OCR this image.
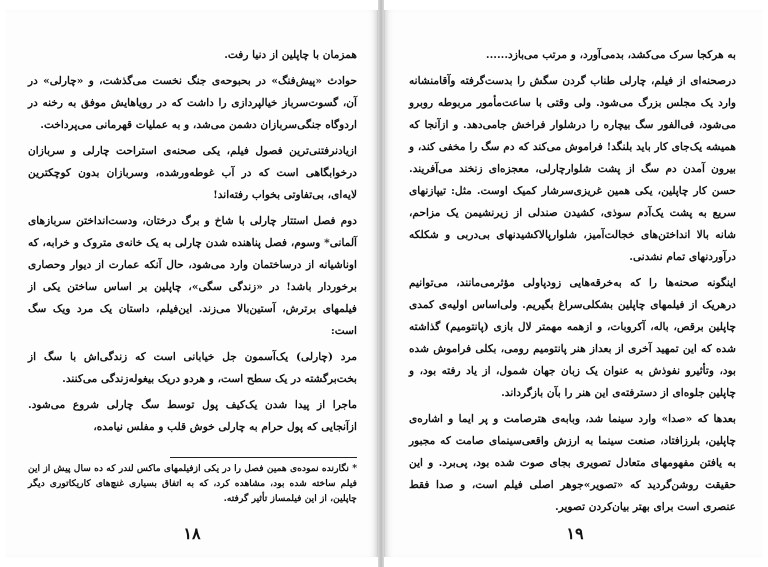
همزمان با چاپلین از دنیا رفت.

حوادث «پیش‌فنگ» در بحبوحه‌ی جنگ نخست می‌گذشت، و «چارلی» در آن، گسوت‌سرباز خیالپردازی را داشت که در رویاهایش موفق به رخنه در اردوگاه جنگی‌سربازان دشمن می‌شد، و به عملیات قهرمانی می‌پرداخت.

ازیادنرفتنی‌ترین فصول فیلم، یکی صحنه‌ی استراحت چارلی و سربازان درخوابگاهی است که در آب غوطه‌ورشده، وسربازان بدون کوچکترین لایه‌ای، بی‌تفاوتی بخواب رفته‌اند!

دوم فصل استتار چارلی با شاخ و برگ درختان، ودست‌انداختن سربازهای آلمانی* وسوم، فصل پناهنده شدن چارلی به یک خانه‌ی متروک و خرابه، که اوناشیانه از درساختمان وارد می‌شود، حال آنکه عمارت از دیوار وحصاری برخوردار باشد! در «زندگی سگی»، چاپلین بر اساس ساختن یکی از فیلمهای برترش، آستین‌بالا می‌زند. این‌فیلم، داستان یک مرد ویک سگ است:

مرد (چارلی) یک‌آسمون جل خیابانی است که زندگی‌اش با سگ از بخت‌برگشته در یک سطح است، و هردو دریک بیغوله‌زندگی می‌کنند.

ماجرا از پیدا شدن یک‌کیف پول توسط سگ چارلی شروع می‌شود. ازآنجایی که پول حرام به چارلی خوش قلب و مفلس نیامده،

* نگارنده نموده‌ی همین فصل را در یکی ازفیلمهای ماکس لندر که ده سال پیش از این فیلم ساخته شده بود، مشاهده کرد، که به اتفاق بسیاری غنچ‌های کاریکاتوری دیگر چاپلین، از این فیلمساز تأثیر گرفته.
۱۸

به هرکجا سرک می‌کشد، بدمی‌آورد، و مرتب می‌بازد......

درصحنه‌ای از فیلم، چارلی طناب گردن سگش را بدست‌گرفته وآقامنشانه وارد یک مجلس بزرگ می‌شود. ولی وقتی با ساعت‌مأمور مربوطه روبرو می‌شود، فی‌الفور سگ بیچاره را درشلوار فراخش جامی‌دهد. و ازآنجا که همیشه یک‌جای کار باید بلنگد! فراموش می‌کند که دم سگ را مخفی کند، و بیرون آمدن دم سگ از پشت شلوارچارلی، معجزه‌ای زنخند می‌آفریند. حسن کار چاپلین، یکی همین غریزی‌سرشار کمیک اوست. مثل: تیپازنهای سریع به پشت یک‌آدم سوذی، کشیدن صندلی از زیرنشیمن یک مزاحم، شانه بالا انداختن‌های خجالت‌آمیز، شلوارپالاکشیدنهای بی‌دربی و شکلکه درآوردنهای تمام نشدنی.

اینگونه صحنه‌ها را که به‌خرقه‌هایی زودپاولی مؤثرمی‌مانند، می‌توانیم درهریک از فیلمهای چاپلین بشکلی‌سراغ بگیریم. ولی‌اساس اولیه‌ی کمدی چاپلین برقص، باله، آکروبات، و ازهمه مهمتر لال بازی (پانتومیم) گذاشته شده که این تمهید آخری از بعداز هنر پانتومیم رومی، بکلی فراموش شده بود، وتأثیرو نفوذش به عنوان یک زبان جهان شمول، از یاد رفته بود، و چاپلین جلوه‌ای از دسترفته‌ی این هنر را بآن بازگرداند.

بعدها که «صدا» وارد سینما شد، وبابه‌ی هترصامت و پر ایما و اشاره‌ی چاپلین، بلرزافتاد، صنعت سینما به ارزش واقعی‌سینمای صامت که مجبور به یافتن مفهومهای متعادل تصویری بجای صوت شده بود، پی‌برد. و این حقیقت روشن‌گردید که «تصویر»جوهر اصلی فیلم است، و صدا فقط عنصری است برای بهتر بیان‌کردن تصویر.

۱۹
